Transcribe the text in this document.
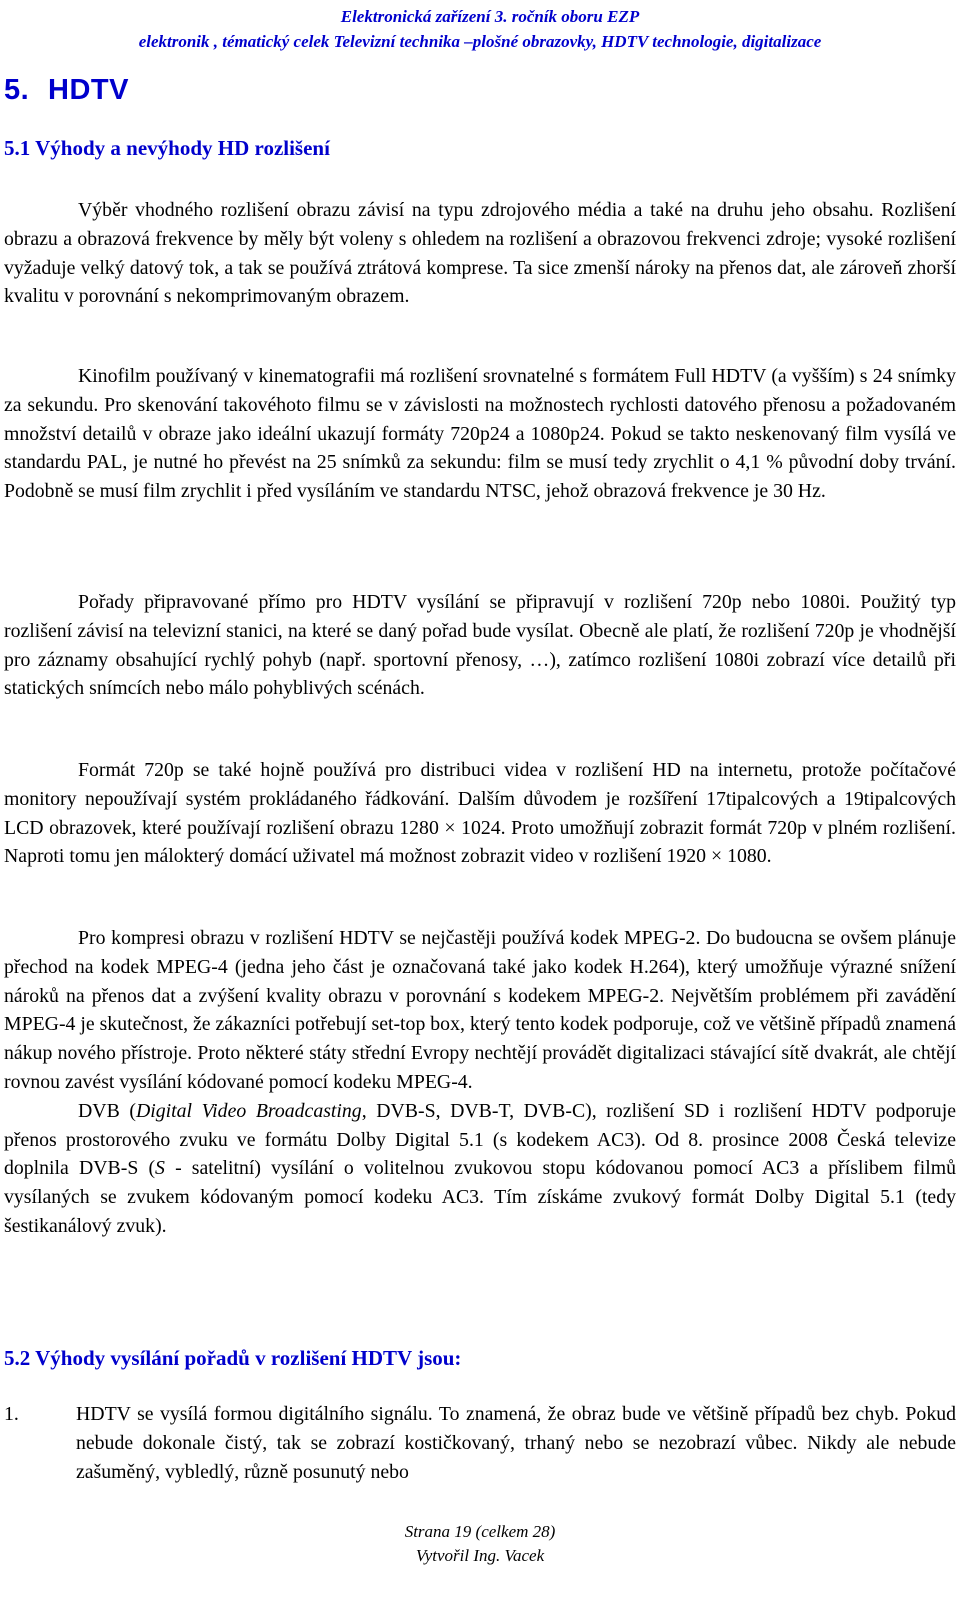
Elektronická zařízení 3. ročník oboru EZP
elektronik , tématický celek Televizní technika –plošné obrazovky, HDTV technologie, digitalizace
5. HDTV
5.1 Výhody a nevýhody HD rozlišení

Výběr vhodného rozlišení obrazu závisí na typu zdrojového média a také na druhu jeho obsahu. Rozlišení obrazu a obrazová frekvence by měly být voleny s ohledem na rozlišení a obrazovou frekvenci zdroje; vysoké rozlišení vyžaduje velký datový tok, a tak se používá ztrátová komprese. Ta sice zmenší nároky na přenos dat, ale zároveň zhorší kvalitu v porovnání s nekomprimovaným obrazem.

Kinofilm používaný v kinematografii má rozlišení srovnatelné s formátem Full HDTV (a vyšším) s 24 snímky za sekundu. Pro skenování takovéhoto filmu se v závislosti na možnostech rychlosti datového přenosu a požadovaném množství detailů v obraze jako ideální ukazují formáty 720p24 a 1080p24. Pokud se takto neskenovaný film vysílá ve standardu PAL, je nutné ho převést na 25 snímků za sekundu: film se musí tedy zrychlit o 4,1 % původní doby trvání. Podobně se musí film zrychlit i před vysíláním ve standardu NTSC, jehož obrazová frekvence je 30 Hz.

Pořady připravované přímo pro HDTV vysílání se připravují v rozlišení 720p nebo 1080i. Použitý typ rozlišení závisí na televizní stanici, na které se daný pořad bude vysílat. Obecně ale platí, že rozlišení 720p je vhodnější pro záznamy obsahující rychlý pohyb (např. sportovní přenosy, …), zatímco rozlišení 1080i zobrazí více detailů při statických snímcích nebo málo pohyblivých scénách.

Formát 720p se také hojně používá pro distribuci videa v rozlišení HD na internetu, protože počítačové monitory nepoužívají systém prokládaného řádkování. Dalším důvodem je rozšíření 17tipalcových a 19tipalcových LCD obrazovek, které používají rozlišení obrazu 1280 × 1024. Proto umožňují zobrazit formát 720p v plném rozlišení. Naproti tomu jen málokterý domácí uživatel má možnost zobrazit video v rozlišení 1920 × 1080.

Pro kompresi obrazu v rozlišení HDTV se nejčastěji používá kodek MPEG-2. Do budoucna se ovšem plánuje přechod na kodek MPEG-4 (jedna jeho část je označovaná také jako kodek H.264), který umožňuje výrazné snížení nároků na přenos dat a zvýšení kvality obrazu v porovnání s kodekem MPEG-2. Největším problémem při zavádění MPEG-4 je skutečnost, že zákazníci potřebují set-top box, který tento kodek podporuje, což ve většině případů znamená nákup nového přístroje. Proto některé státy střední Evropy nechtějí provádět digitalizaci stávající sítě dvakrát, ale chtějí rovnou zavést vysílání kódované pomocí kodeku MPEG-4.

DVB (Digital Video Broadcasting, DVB-S, DVB-T, DVB-C), rozlišení SD i rozlišení HDTV podporuje přenos prostorového zvuku ve formátu Dolby Digital 5.1 (s kodekem AC3). Od 8. prosince 2008 Česká televize doplnila DVB-S (S - satelitní) vysílání o volitelnou zvukovou stopu kódovanou pomocí AC3 a příslibem filmů vysílaných se zvukem kódovaným pomocí kodeku AC3. Tím získáme zvukový formát Dolby Digital 5.1 (tedy šestikanálový zvuk).

5.2 Výhody vysílání pořadů v rozlišení HDTV jsou:
1.	HDTV se vysílá formou digitálního signálu. To znamená, že obraz bude ve většině případů bez chyb. Pokud nebude dokonale čistý, tak se zobrazí kostičkovaný, trhaný nebo se nezobrazí vůbec. Nikdy ale nebude zašuměný, vybledlý, různě posunutý nebo
Strana 19 (celkem 28)
Vytvořil Ing. Vacek
